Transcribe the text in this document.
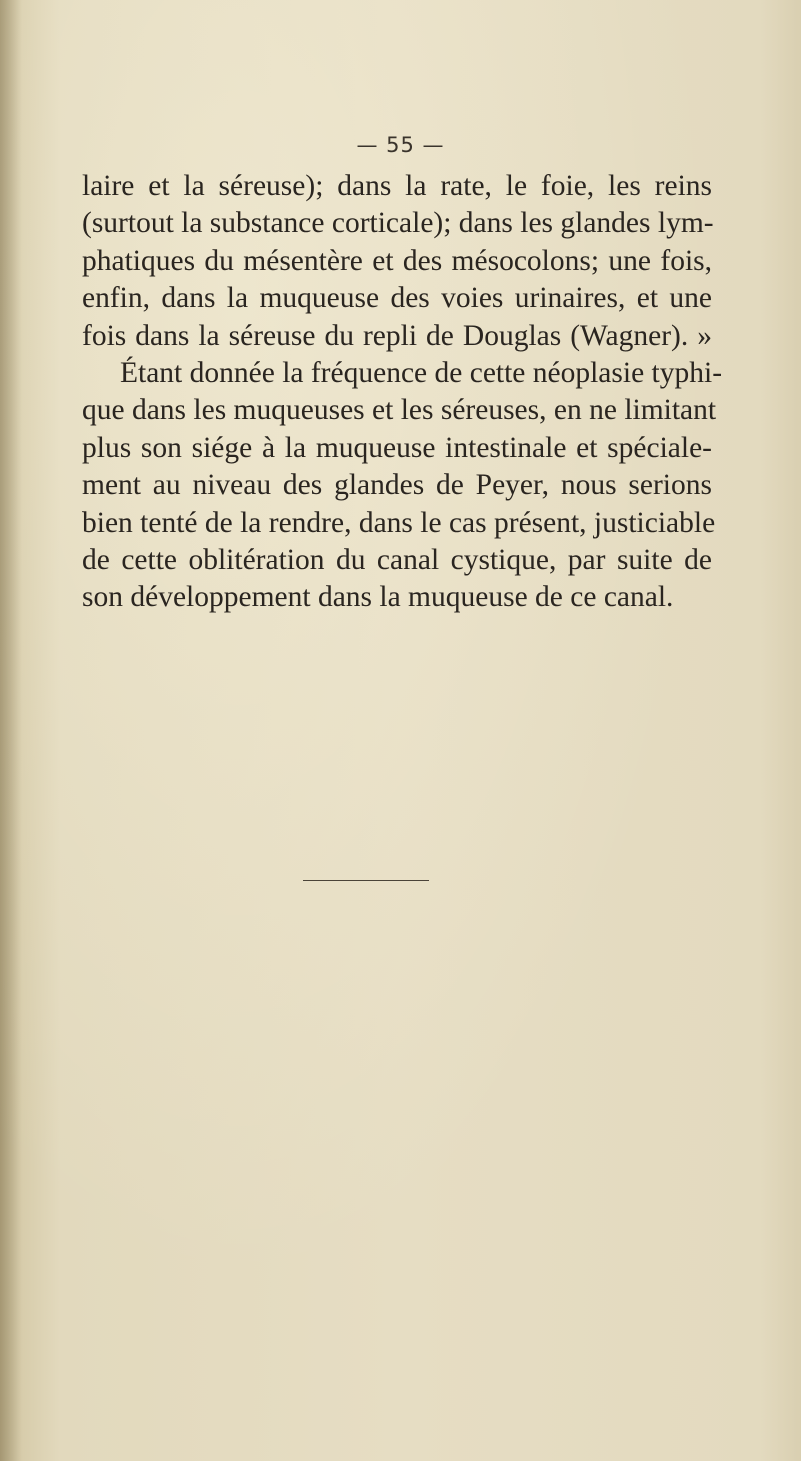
— 55 —

laire et la séreuse); dans la rate, le foie, les reins
(surtout la substance corticale); dans les glandes lym-
phatiques du mésentère et des mésocolons; une fois,
enfin, dans la muqueuse des voies urinaires, et une
fois dans la séreuse du repli de Douglas (Wagner). »
Étant donnée la fréquence de cette néoplasie typhi-
que dans les muqueuses et les séreuses, en ne limitant
plus son siége à la muqueuse intestinale et spéciale-
ment au niveau des glandes de Peyer, nous serions
bien tenté de la rendre, dans le cas présent, justiciable
de cette oblitération du canal cystique, par suite de
son développement dans la muqueuse de ce canal.
